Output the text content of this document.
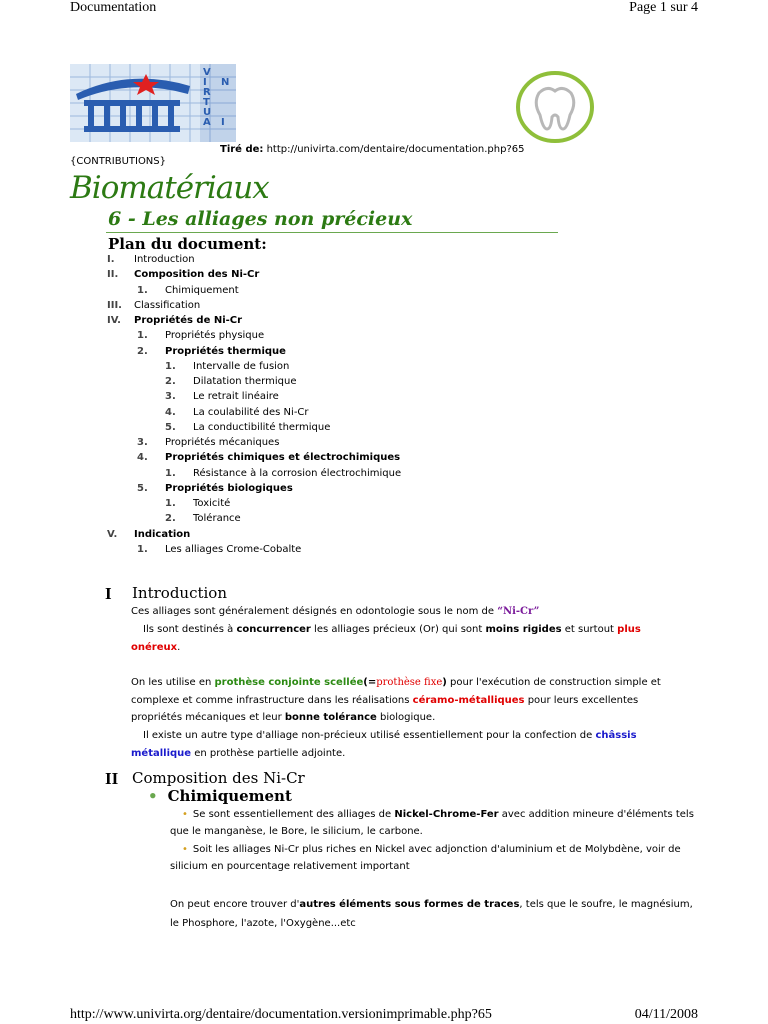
Documentation	Page 1 sur 4
V
I
R
T
U
A
N
I
Tiré de: http://univirta.com/dentaire/documentation.php?65
{CONTRIBUTIONS}
Biomatériaux
6 - Les alliages non précieux
Plan du document:
I. Introduction
II. Composition des Ni-Cr
1. Chimiquement
III. Classification
IV. Propriétés de Ni-Cr
1. Propriétés physique
2. Propriétés thermique
1. Intervalle de fusion
2. Dilatation thermique
3. Le retrait linéaire
4. La coulabilité des Ni-Cr
5. La conductibilité thermique
3. Propriétés mécaniques
4. Propriétés chimiques et électrochimiques
1. Résistance à la corrosion électrochimique
5. Propriétés biologiques
1. Toxicité
2. Tolérance
V. Indication
1. Les alliages Crome-Cobalte
I Introduction
Ces alliages sont généralement désignés en odontologie sous le nom de “Ni-Cr”
Ils sont destinés à concurrencer les alliages précieux (Or) qui sont moins rigides et surtout plus onéreux.
On les utilise en prothèse conjointe scellée(=prothèse fixe) pour l'exécution de construction simple et complexe et comme infrastructure dans les réalisations céramo-métalliques pour leurs excellentes propriétés mécaniques et leur bonne tolérance biologique.
Il existe un autre type d'alliage non-précieux utilisé essentiellement pour la confection de châssis métallique en prothèse partielle adjointe.
II Composition des Ni-Cr
• Chimiquement
• Se sont essentiellement des alliages de Nickel-Chrome-Fer avec addition mineure d'éléments tels que le manganèse, le Bore, le silicium, le carbone.
• Soit les alliages Ni-Cr plus riches en Nickel avec adjonction d'aluminium et de Molybdène, voir de silicium en pourcentage relativement important
On peut encore trouver d'autres éléments sous formes de traces, tels que le soufre, le magnésium, le Phosphore, l'azote, l'Oxygène...etc
http://www.univirta.org/dentaire/documentation.versionimprimable.php?65	04/11/2008
